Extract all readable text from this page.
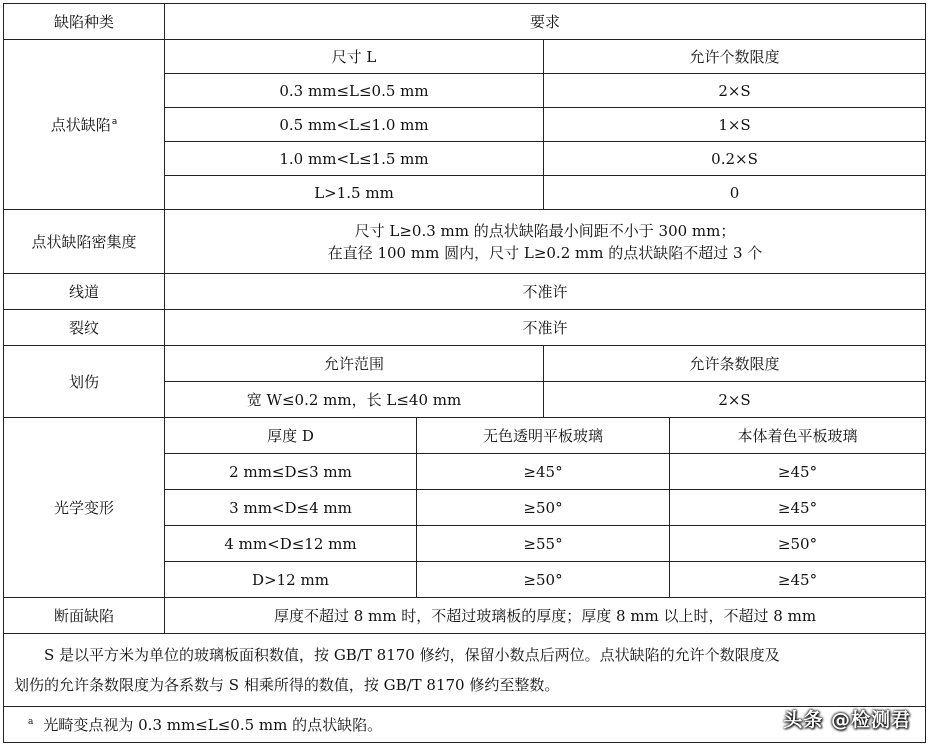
缺陷种类	要求			
点状缺陷a	尺寸 L		允许个数限度	
	0.3 mm≤L≤0.5 mm		2×S	
	0.5 mm<L≤1.0 mm		1×S	
	1.0 mm<L≤1.5 mm		0.2×S	
	L>1.5 mm		0	
点状缺陷密集度	尺寸 L≥0.3 mm 的点状缺陷最小间距不小于 300 mm；
在直径 100 mm 圆内，尺寸 L≥0.2 mm 的点状缺陷不超过 3 个			

线道	不准许			
裂纹	不准许			
划伤	允许范围		允许条数限度	
	宽 W≤0.2 mm，长 L≤40 mm		2×S	
光学变形	厚度 D	无色透明平板玻璃		本体着色平板玻璃
	2 mm≤D≤3 mm	≥45°		≥45°
	3 mm<D≤4 mm	≥50°		≥45°
	4 mm<D≤12 mm	≥55°		≥50°
	D>12 mm	≥50°		≥45°
断面缺陷	厚度不超过 8 mm 时，不超过玻璃板的厚度；厚度 8 mm 以上时，不超过 8 mm			

S 是以平方米为单位的玻璃板面积数值，按 GB/T 8170 修约，保留小数点后两位。点状缺陷的允许个数限度及
划伤的允许条数限度为各系数与 S 相乘所得的数值，按 GB/T 8170 修约至整数。				

$^a$ 光畸变点视为 0.3 mm≤L≤0.5 mm 的点状缺陷。					头条 @检测君
